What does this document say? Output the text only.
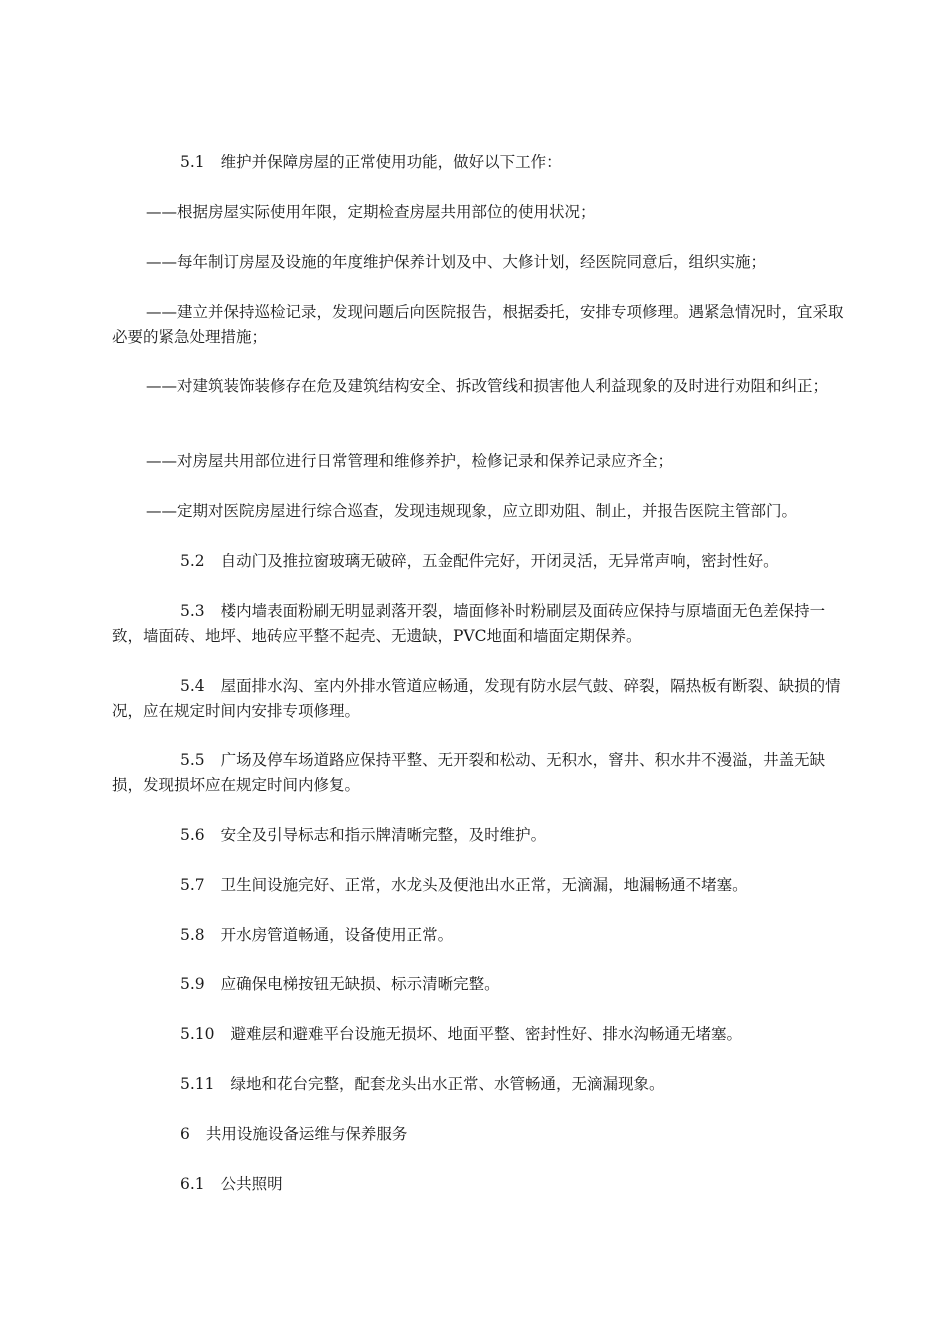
5.1 维护并保障房屋的正常使用功能，做好以下工作：

——根据房屋实际使用年限，定期检查房屋共用部位的使用状况；

——每年制订房屋及设施的年度维护保养计划及中、大修计划，经医院同意后，组织实施；

——建立并保持巡检记录，发现问题后向医院报告，根据委托，安排专项修理。遇紧急情况时，宜采取必要的紧急处理措施；

——对建筑装饰装修存在危及建筑结构安全、拆改管线和损害他人利益现象的及时进行劝阻和纠正；

——对房屋共用部位进行日常管理和维修养护，检修记录和保养记录应齐全；

——定期对医院房屋进行综合巡查，发现违规现象，应立即劝阻、制止，并报告医院主管部门。

5.2 自动门及推拉窗玻璃无破碎，五金配件完好，开闭灵活，无异常声响，密封性好。

5.3 楼内墙表面粉刷无明显剥落开裂，墙面修补时粉刷层及面砖应保持与原墙面无色差保持一致，墙面砖、地坪、地砖应平整不起壳、无遗缺，PVC地面和墙面定期保养。

5.4 屋面排水沟、室内外排水管道应畅通，发现有防水层气鼓、碎裂，隔热板有断裂、缺损的情况，应在规定时间内安排专项修理。

5.5 广场及停车场道路应保持平整、无开裂和松动、无积水，窨井、积水井不漫溢，井盖无缺损，发现损坏应在规定时间内修复。

5.6 安全及引导标志和指示牌清晰完整，及时维护。

5.7 卫生间设施完好、正常，水龙头及便池出水正常，无滴漏，地漏畅通不堵塞。

5.8 开水房管道畅通，设备使用正常。

5.9 应确保电梯按钮无缺损、标示清晰完整。

5.10 避难层和避难平台设施无损坏、地面平整、密封性好、排水沟畅通无堵塞。

5.11 绿地和花台完整，配套龙头出水正常、水管畅通，无滴漏现象。

6 共用设施设备运维与保养服务

6.1 公共照明
